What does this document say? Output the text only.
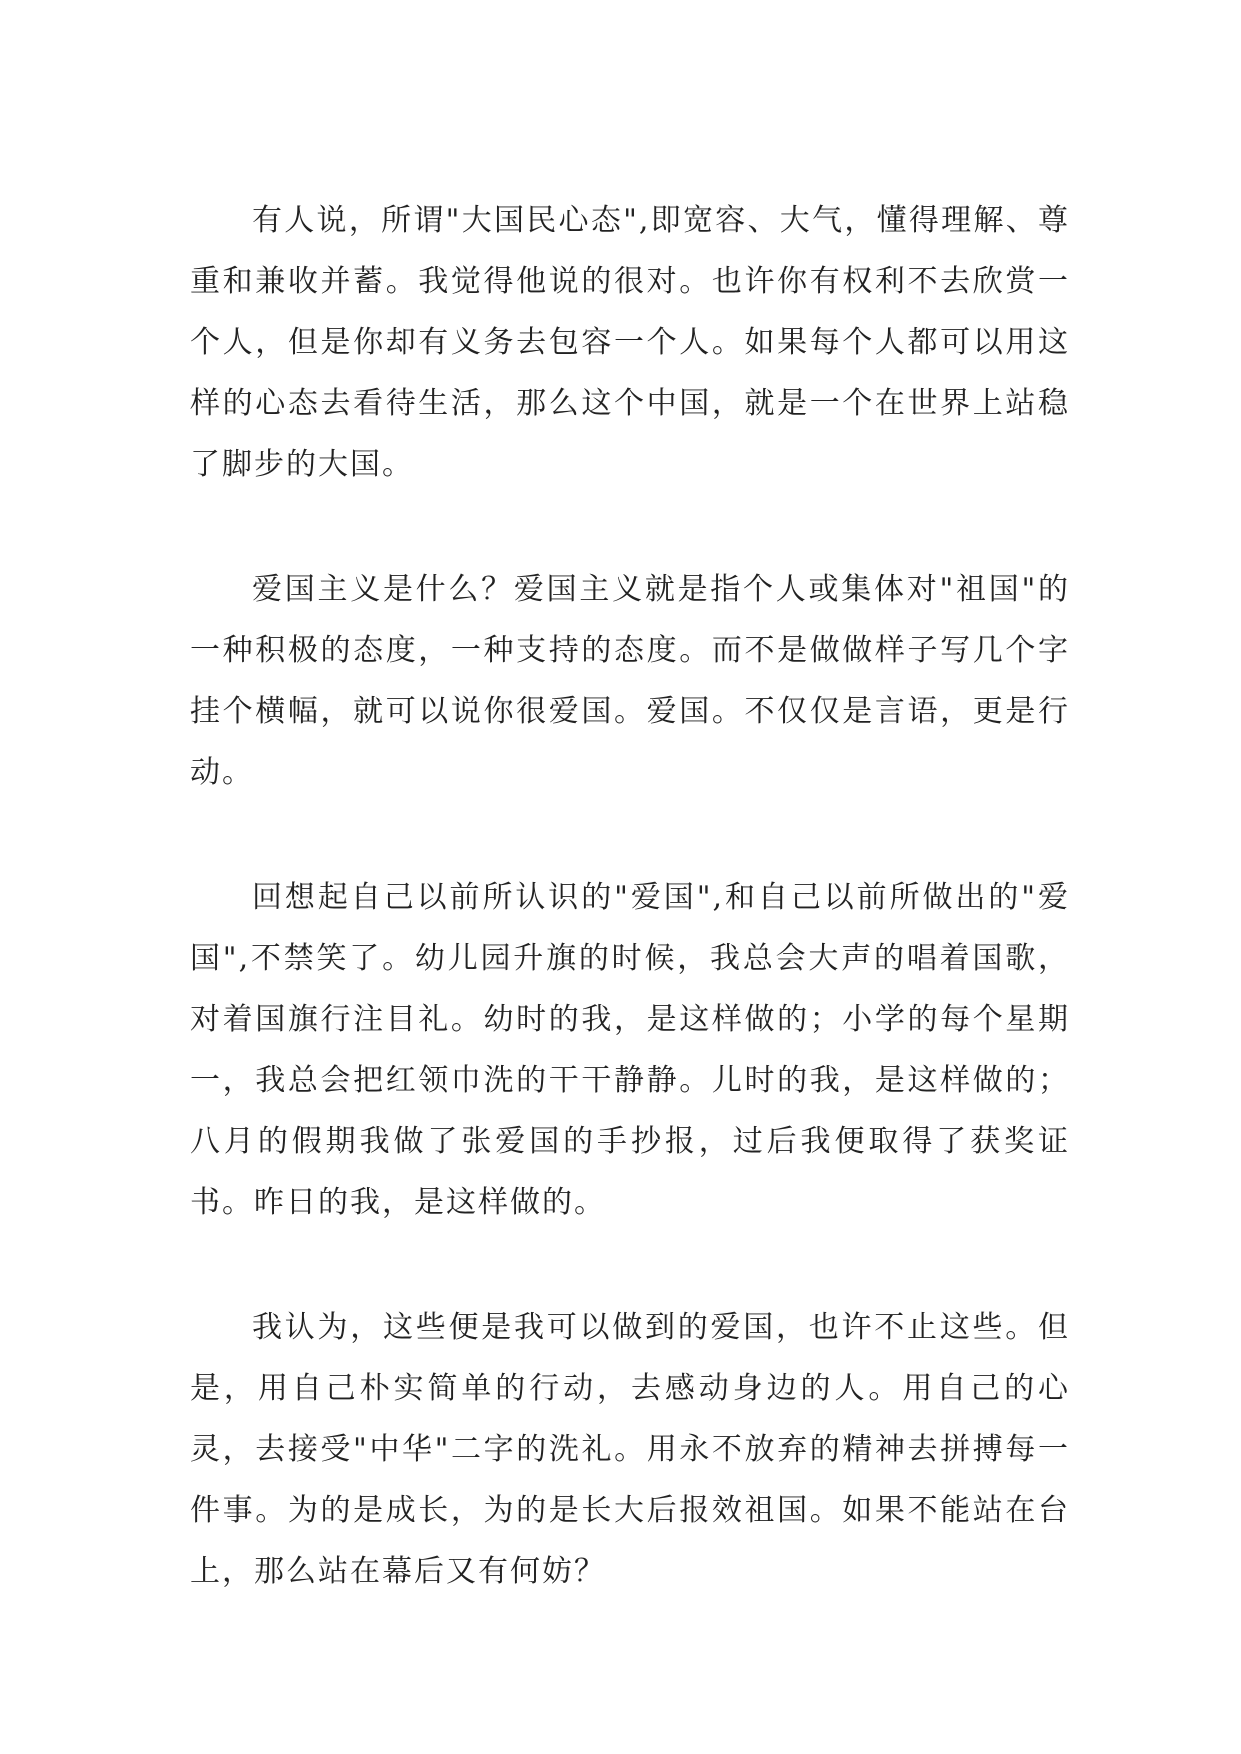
有人说，所谓"大国民心态",即宽容、大气，懂得理解、尊重和兼收并蓄。我觉得他说的很对。也许你有权利不去欣赏一个人，但是你却有义务去包容一个人。如果每个人都可以用这样的心态去看待生活，那么这个中国，就是一个在世界上站稳了脚步的大国。

爱国主义是什么？爱国主义就是指个人或集体对"祖国"的一种积极的态度，一种支持的态度。而不是做做样子写几个字挂个横幅，就可以说你很爱国。爱国。不仅仅是言语，更是行动。

回想起自己以前所认识的"爱国",和自己以前所做出的"爱国",不禁笑了。幼儿园升旗的时候，我总会大声的唱着国歌，对着国旗行注目礼。幼时的我，是这样做的；小学的每个星期一，我总会把红领巾洗的干干静静。儿时的我，是这样做的；八月的假期我做了张爱国的手抄报，过后我便取得了获奖证书。昨日的我，是这样做的。

我认为，这些便是我可以做到的爱国，也许不止这些。但是，用自己朴实简单的行动，去感动身边的人。用自己的心灵，去接受"中华"二字的洗礼。用永不放弃的精神去拼搏每一件事。为的是成长，为的是长大后报效祖国。如果不能站在台上，那么站在幕后又有何妨？
